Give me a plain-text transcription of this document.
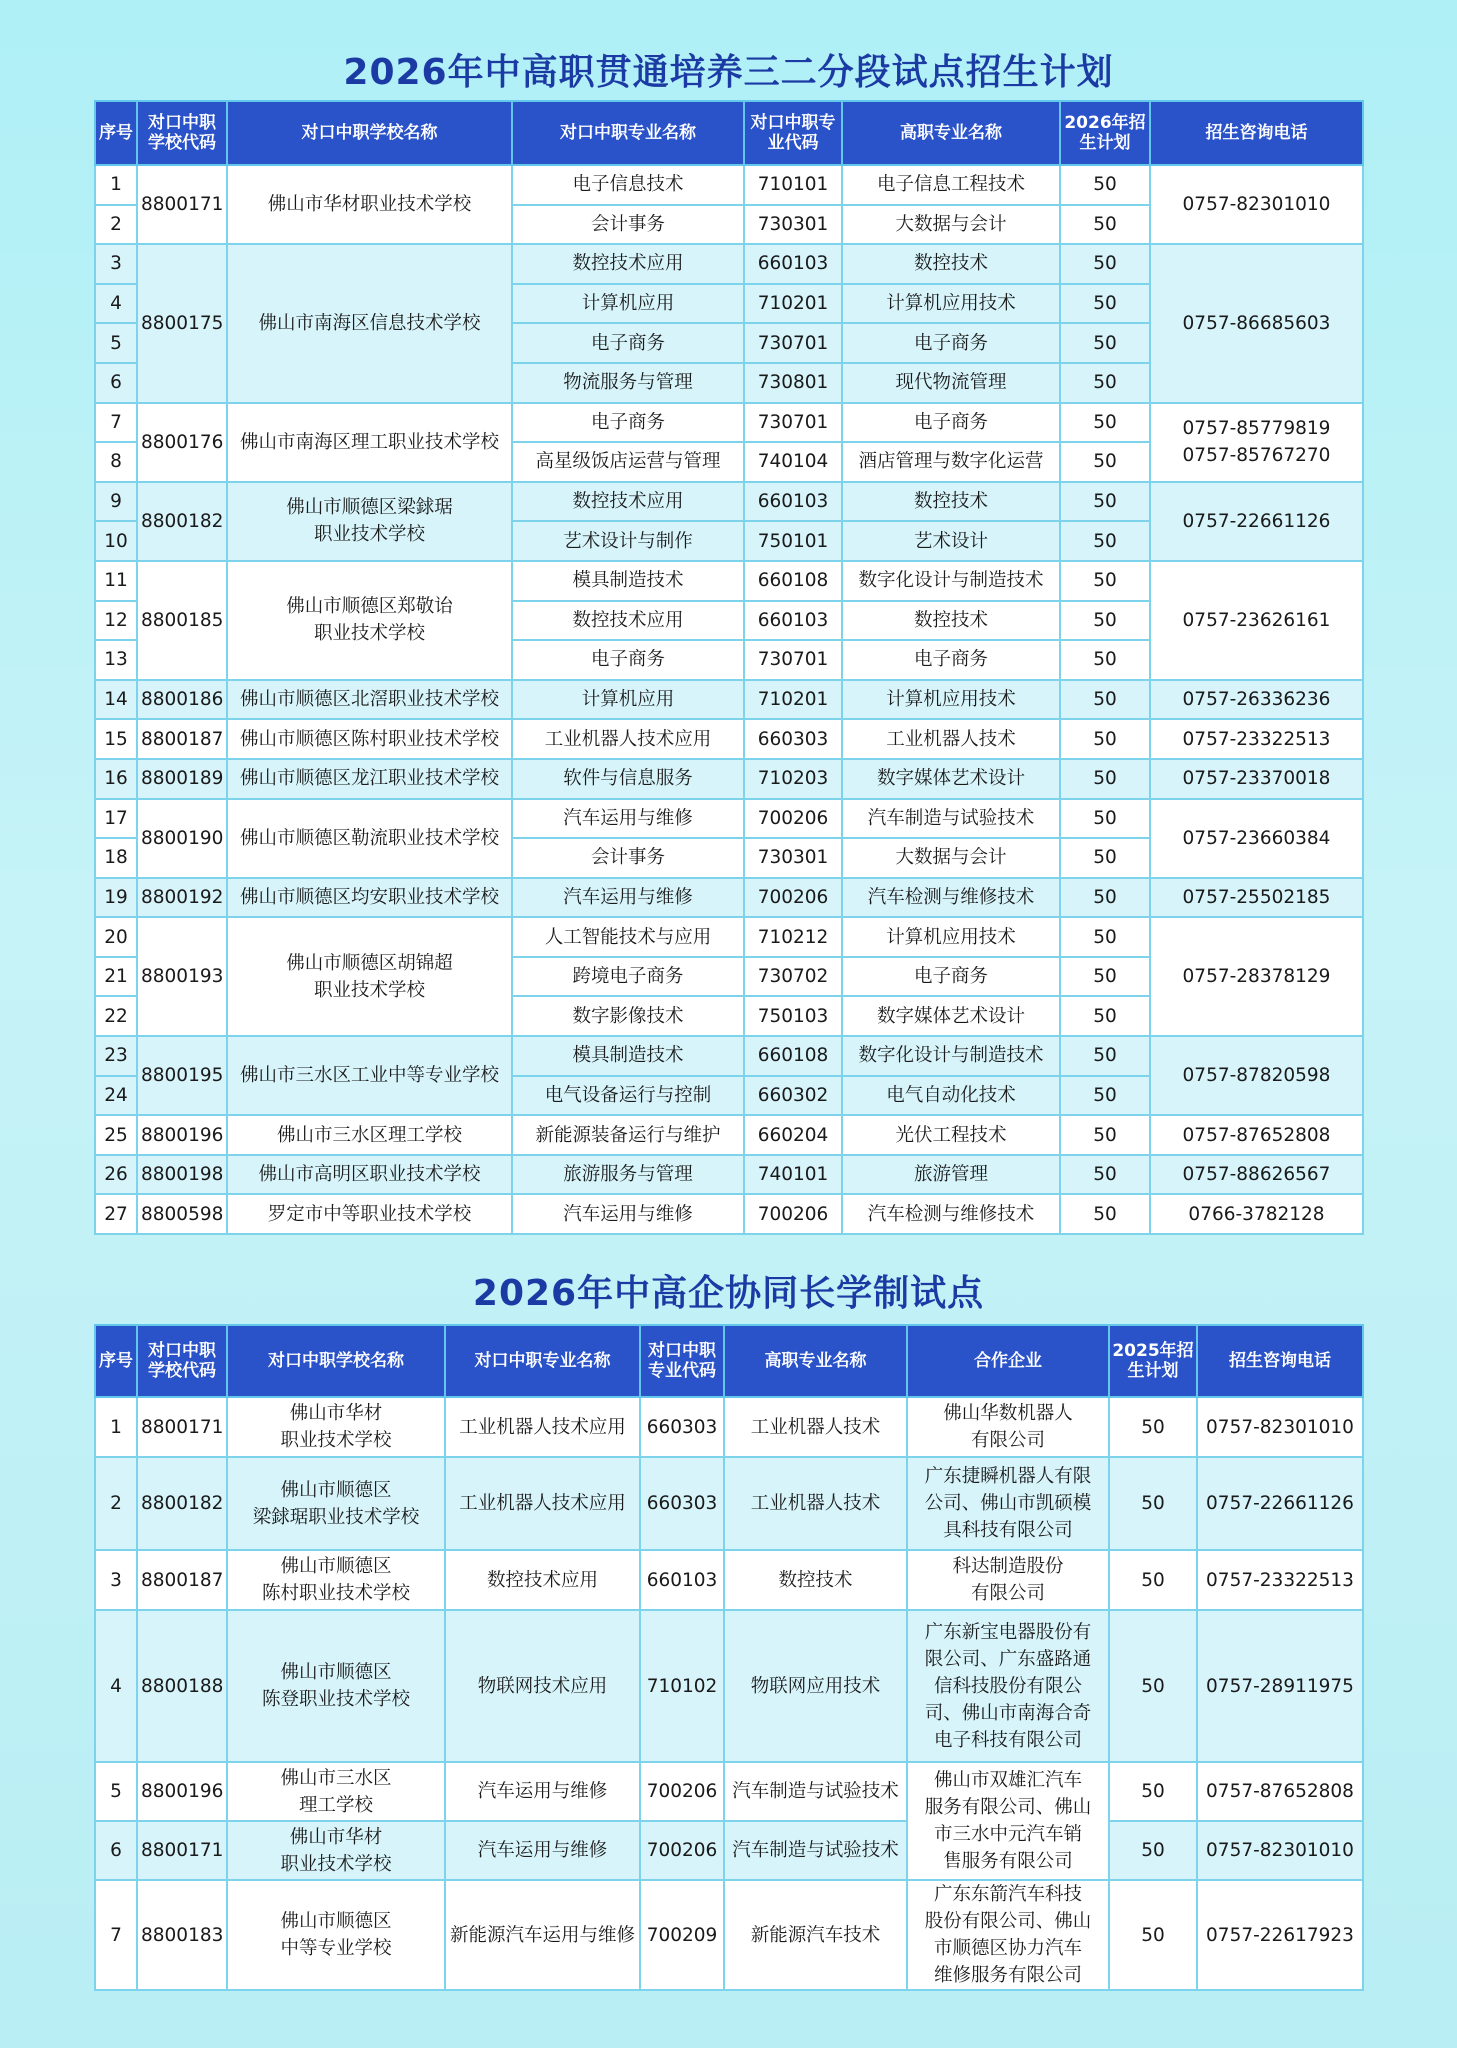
2026年中高职贯通培养三二分段试点招生计划
序号	对口中职学校代码	对口中职学校名称	对口中职专业名称	对口中职专业代码	高职专业名称	2026年招生计划	招生咨询电话
1	8800171	佛山市华材职业技术学校	电子信息技术	710101	电子信息工程技术	50	0757-82301010
2			会计事务	730301	大数据与会计	50	
3	8800175	佛山市南海区信息技术学校	数控技术应用	660103	数控技术	50	0757-86685603
4			计算机应用	710201	计算机应用技术	50	
5			电子商务	730701	电子商务	50	
6			物流服务与管理	730801	现代物流管理	50	
7	8800176	佛山市南海区理工职业技术学校	电子商务	730701	电子商务	50	0757-85779819
0757-85767270
8			高星级饭店运营与管理	740104	酒店管理与数字化运营	50	
9	8800182	佛山市顺德区梁銶琚
职业技术学校	数控技术应用	660103	数控技术	50	0757-22661126
10			艺术设计与制作	750101	艺术设计	50	
11	8800185	佛山市顺德区郑敬诒
职业技术学校	模具制造技术	660108	数字化设计与制造技术	50	0757-23626161
12			数控技术应用	660103	数控技术	50	
13			电子商务	730701	电子商务	50	
14	8800186	佛山市顺德区北滘职业技术学校	计算机应用	710201	计算机应用技术	50	0757-26336236
15	8800187	佛山市顺德区陈村职业技术学校	工业机器人技术应用	660303	工业机器人技术	50	0757-23322513
16	8800189	佛山市顺德区龙江职业技术学校	软件与信息服务	710203	数字媒体艺术设计	50	0757-23370018
17	8800190	佛山市顺德区勒流职业技术学校	汽车运用与维修	700206	汽车制造与试验技术	50	0757-23660384
18			会计事务	730301	大数据与会计	50	
19	8800192	佛山市顺德区均安职业技术学校	汽车运用与维修	700206	汽车检测与维修技术	50	0757-25502185
20	8800193	佛山市顺德区胡锦超
职业技术学校	人工智能技术与应用	710212	计算机应用技术	50	0757-28378129
21			跨境电子商务	730702	电子商务	50	
22			数字影像技术	750103	数字媒体艺术设计	50	
23	8800195	佛山市三水区工业中等专业学校	模具制造技术	660108	数字化设计与制造技术	50	0757-87820598
24			电气设备运行与控制	660302	电气自动化技术	50	
25	8800196	佛山市三水区理工学校	新能源装备运行与维护	660204	光伏工程技术	50	0757-87652808
26	8800198	佛山市高明区职业技术学校	旅游服务与管理	740101	旅游管理	50	0757-88626567
27	8800598	罗定市中等职业技术学校	汽车运用与维修	700206	汽车检测与维修技术	50	0766-3782128
2026年中高企协同长学制试点
序号	对口中职学校代码	对口中职学校名称	对口中职专业名称	对口中职专业代码	高职专业名称	合作企业	2025年招生计划	招生咨询电话
1	8800171	佛山市华材
职业技术学校	工业机器人技术应用	660303	工业机器人技术	佛山华数机器人
有限公司	50	0757-82301010
2	8800182	佛山市顺德区
梁銶琚职业技术学校	工业机器人技术应用	660303	工业机器人技术	广东捷瞬机器人有限
公司、佛山市凯硕模
具科技有限公司	50	0757-22661126
3	8800187	佛山市顺德区
陈村职业技术学校	数控技术应用	660103	数控技术	科达制造股份
有限公司	50	0757-23322513
4	8800188	佛山市顺德区
陈登职业技术学校	物联网技术应用	710102	物联网应用技术	广东新宝电器股份有
限公司、广东盛路通
信科技股份有限公
司、佛山市南海合奇
电子科技有限公司	50	0757-28911975
5	8800196	佛山市三水区
理工学校	汽车运用与维修	700206	汽车制造与试验技术	佛山市双雄汇汽车
服务有限公司、佛山
市三水中元汽车销
售服务有限公司	50	0757-87652808
6	8800171	佛山市华材
职业技术学校	汽车运用与维修	700206	汽车制造与试验技术		50	0757-82301010
7	8800183	佛山市顺德区
中等专业学校	新能源汽车运用与维修	700209	新能源汽车技术	广东东箭汽车科技
股份有限公司、佛山
市顺德区协力汽车
维修服务有限公司	50	0757-22617923
